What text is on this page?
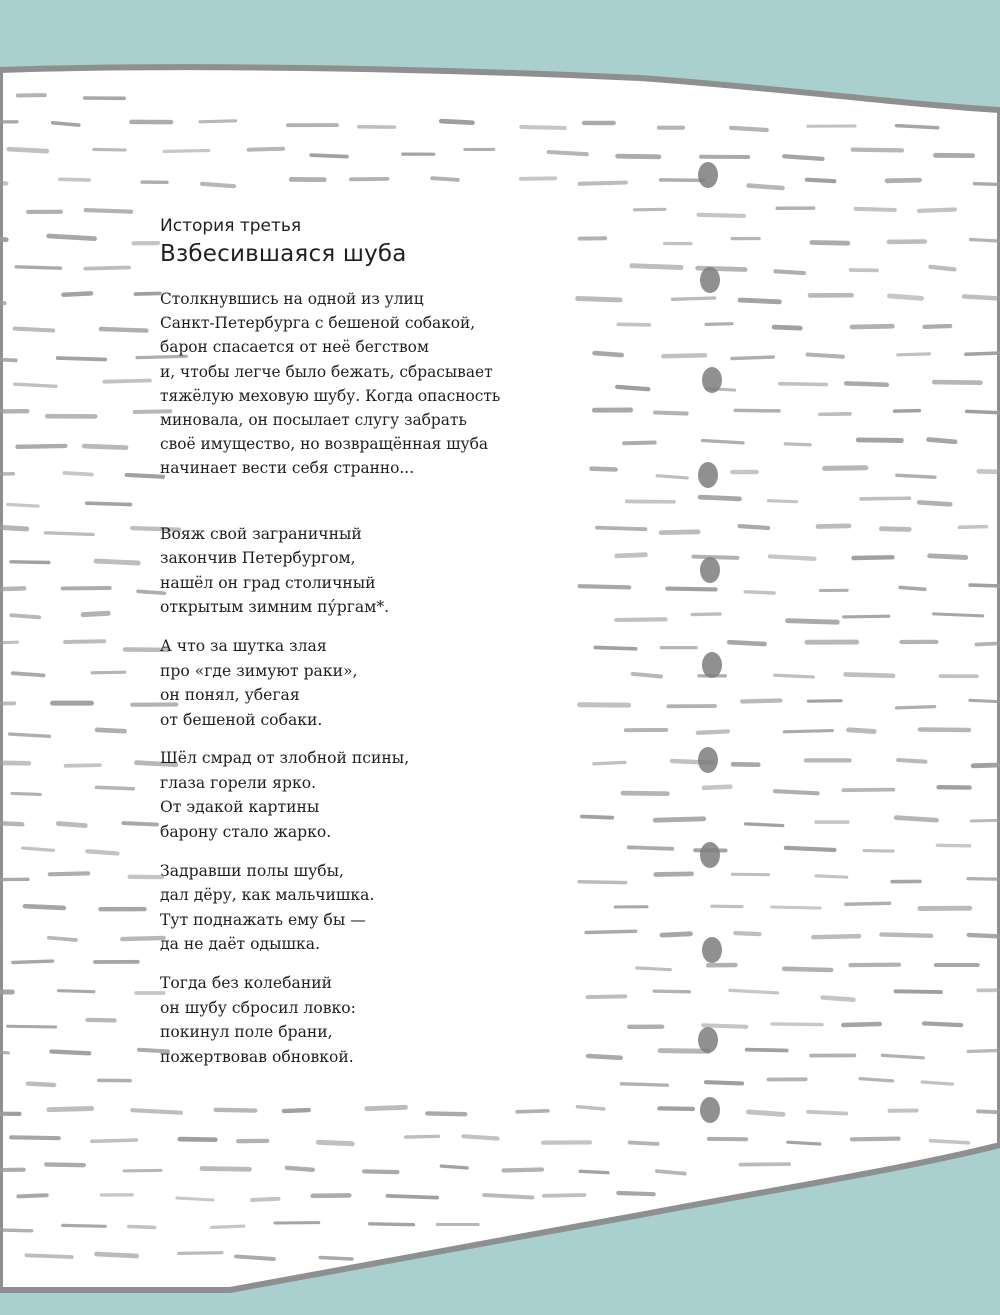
История третья

Взбесившаяся шуба

Столкнувшись на одной из улиц
Санкт-Петербурга с бешеной собакой,
барон спасается от неё бегством
и, чтобы легче было бежать, сбрасывает
тяжёлую меховую шубу. Когда опасность
миновала, он посылает слугу забрать
своё имущество, но возвращённая шуба
начинает вести себя странно...

Вояж свой заграничный
закончив Петербургом,
нашёл он град столичный
открытым зимним пу́ргам*.

А что за шутка злая
про «где зимуют раки»,
он понял, убегая
от бешеной собаки.

Шёл смрад от злобной псины,
глаза горели ярко.
От эдакой картины
барону стало жарко.

Задравши полы шубы,
дал дёру, как мальчишка.
Тут поднажать ему бы —
да не даёт одышка.

Тогда без колебаний
он шубу сбросил ловко:
покинул поле брани,
пожертвовав обновкой.
